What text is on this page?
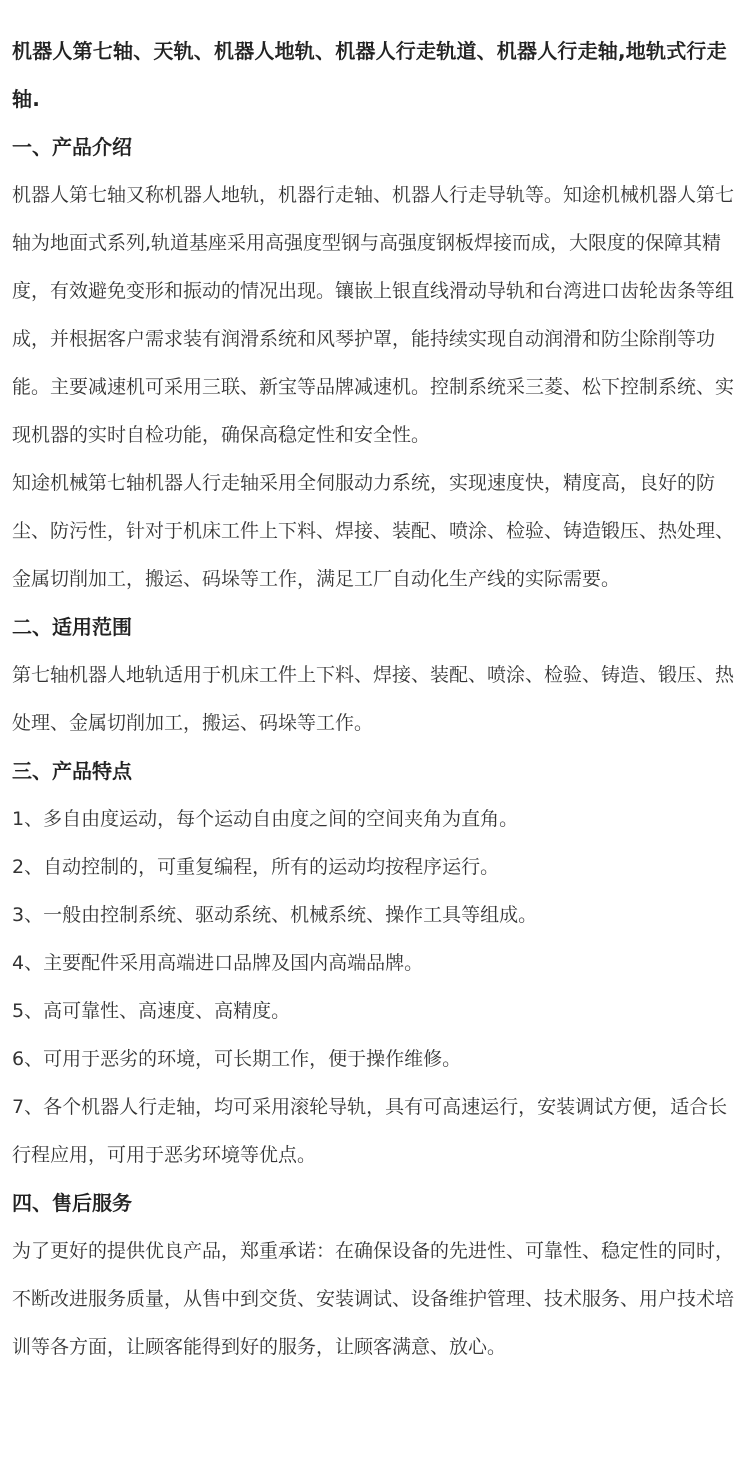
机器人第七轴、天轨、机器人地轨、机器人行走轨道、机器人行走轴,地轨式行走轴.
一、产品介绍

机器人第七轴又称机器人地轨，机器行走轴、机器人行走导轨等。知途机械机器人第七轴为地面式系列,轨道基座采用高强度型钢与高强度钢板焊接而成，大限度的保障其精度，有效避免变形和振动的情况出现。镶嵌上银直线滑动导轨和台湾进口齿轮齿条等组成，并根据客户需求装有润滑系统和风琴护罩，能持续实现自动润滑和防尘除削等功能。主要减速机可采用三联、新宝等品牌减速机。控制系统采三菱、松下控制系统、实现机器的实时自检功能，确保高稳定性和安全性。

知途机械第七轴机器人行走轴采用全伺服动力系统，实现速度快，精度高，良好的防尘、防污性，针对于机床工件上下料、焊接、装配、喷涂、检验、铸造锻压、热处理、金属切削加工，搬运、码垛等工作，满足工厂自动化生产线的实际需要。

二、适用范围

第七轴机器人地轨适用于机床工件上下料、焊接、装配、喷涂、检验、铸造、锻压、热处理、金属切削加工，搬运、码垛等工作。

三、产品特点

1、多自由度运动，每个运动自由度之间的空间夹角为直角。

2、自动控制的，可重复编程，所有的运动均按程序运行。

3、一般由控制系统、驱动系统、机械系统、操作工具等组成。

4、主要配件采用高端进口品牌及国内高端品牌。

5、高可靠性、高速度、高精度。

6、可用于恶劣的环境，可长期工作，便于操作维修。

7、各个机器人行走轴，均可采用滚轮导轨，具有可高速运行，安装调试方便，适合长行程应用，可用于恶劣环境等优点。

四、售后服务

为了更好的提供优良产品，郑重承诺：在确保设备的先进性、可靠性、稳定性的同时，不断改进服务质量，从售中到交货、安装调试、设备维护管理、技术服务、用户技术培训等各方面，让顾客能得到好的服务，让顾客满意、放心。
